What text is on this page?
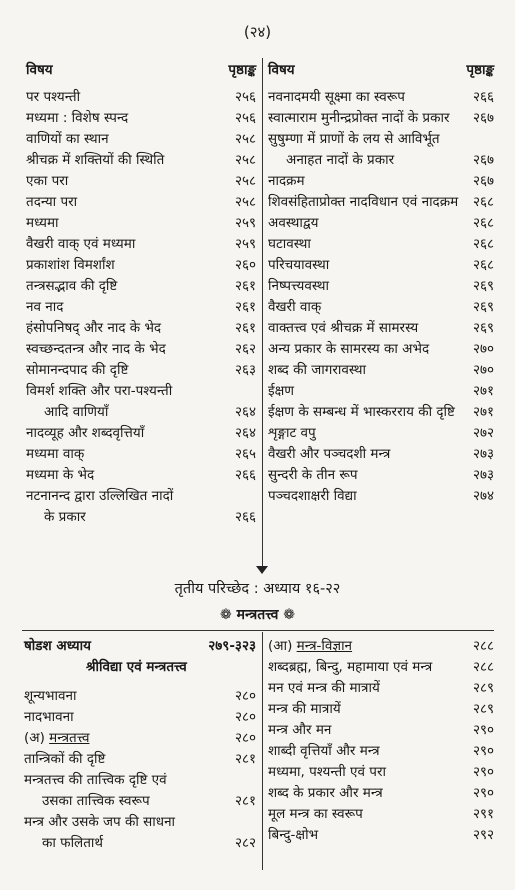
(२४)
विषय	पृष्ठाङ्क
पर पश्यन्ती	२५६
मध्यमा : विशेष स्पन्द	२५६
वाणियों का स्थान	२५८
श्रीचक्र में शक्तियों की स्थिति	२५८
एका परा	२५८
तदन्या परा	२५८
मध्यमा	२५९
वैखरी वाक् एवं मध्यमा	२५९
प्रकाशांश विमर्शांश	२६०
तन्त्रसद्भाव की दृष्टि	२६१
नव नाद	२६१
हंसोपनिषद् और नाद के भेद	२६१
स्वच्छन्दतन्त्र और नाद के भेद	२६२
सोमानन्दपाद की दृष्टि	२६३
विमर्श शक्ति और परा-पश्यन्ती
आदि वाणियाँ	२६४
नादव्यूह और शब्दवृत्तियाँ	२६४
मध्यमा वाक्	२६५
मध्यमा के भेद	२६६
नटनानन्द द्वारा उल्लिखित नादों
के प्रकार	२६६
विषय	पृष्ठाङ्क
नवनादमयी सूक्ष्मा का स्वरूप	२६६
स्वात्माराम मुनीन्द्रप्रोक्त नादों के प्रकार २६७
सुषुम्णा में प्राणों के लय से आविर्भूत
अनाहत नादों के प्रकार	२६७
नादक्रम	२६७
शिवसंहिताप्रोक्त नादविधान एवं नादक्रम २६८
अवस्थाद्वय	२६८
घटावस्था	२६८
परिचयावस्था	२६८
निष्पत्त्यवस्था	२६९
वैखरी वाक्	२६९
वाक्तत्त्व एवं श्रीचक्र में सामरस्य	२६९
अन्य प्रकार के सामरस्य का अभेद	२७०
शब्द की जागरावस्था	२७०
ईक्षण	२७१
ईक्षण के सम्बन्ध में भास्करराय की दृष्टि २७१
शृङ्गाट वपु	२७२
वैखरी और पञ्चदशी मन्त्र	२७३
सुन्दरी के तीन रूप	२७३
पञ्चदशाक्षरी विद्या	२७४
तृतीय परिच्छेद : अध्याय १६-२२
❁ मन्त्रतत्त्व ❁
षोडश अध्याय	२७९-३२३
श्रीविद्या एवं मन्त्रतत्त्व
शून्यभावना	२८०
नादभावना	२८०
(अ) मन्त्रतत्त्व	२८०
तान्त्रिकों की दृष्टि	२८१
मन्त्रतत्त्व की तात्त्विक दृष्टि एवं
उसका तात्त्विक स्वरूप	२८१
मन्त्र और उसके जप की साधना
का फलितार्थ	२८२
(आ) मन्त्र-विज्ञान	२८८
शब्दब्रह्म, बिन्दु, महामाया एवं मन्त्र	२८८
मन एवं मन्त्र की मात्रायें	२८९
मन्त्र की मात्रायें	२८९
मन्त्र और मन	२९०
शाब्दी वृत्तियाँ और मन्त्र	२९०
मध्यमा, पश्यन्ती एवं परा	२९०
शब्द के प्रकार और मन्त्र	२९०
मूल मन्त्र का स्वरूप	२९१
बिन्दु-क्षोभ	२९२
